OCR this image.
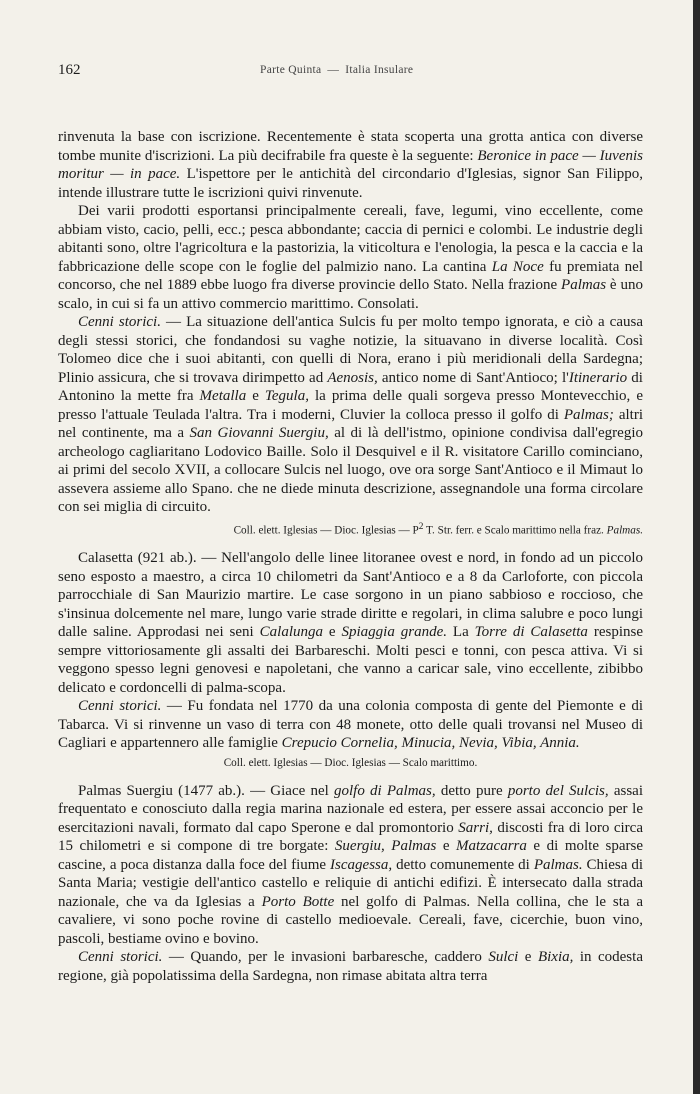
162	Parte Quinta — Italia Insulare

rinvenuta la base con iscrizione. Recentemente è stata scoperta una grotta antica con diverse tombe munite d'iscrizioni. La più decifrabile fra queste è la seguente: Beronice in pace — Iuvenis moritur — in pace. L'ispettore per le antichità del circondario d'Iglesias, signor San Filippo, intende illustrare tutte le iscrizioni quivi rinvenute.

Dei varii prodotti esportansi principalmente cereali, fave, legumi, vino eccellente, come abbiam visto, cacio, pelli, ecc.; pesca abbondante; caccia di pernici e colombi. Le industrie degli abitanti sono, oltre l'agricoltura e la pastorizia, la viticoltura e l'enologia, la pesca e la caccia e la fabbricazione delle scope con le foglie del palmizio nano. La cantina La Noce fu premiata nel concorso, che nel 1889 ebbe luogo fra diverse provincie dello Stato. Nella frazione Palmas è uno scalo, in cui si fa un attivo commercio marittimo. Consolati.

Cenni storici. — La situazione dell'antica Sulcis fu per molto tempo ignorata, e ciò a causa degli stessi storici, che fondandosi su vaghe notizie, la situavano in diverse località. Così Tolomeo dice che i suoi abitanti, con quelli di Nora, erano i più meridionali della Sardegna; Plinio assicura, che si trovava dirimpetto ad Aenosis, antico nome di Sant'Antioco; l'Itinerario di Antonino la mette fra Metalla e Tegula, la prima delle quali sorgeva presso Montevecchio, e presso l'attuale Teulada l'altra. Tra i moderni, Cluvier la colloca presso il golfo di Palmas; altri nel continente, ma a San Giovanni Suergiu, al di là dell'istmo, opinione condivisa dall'egregio archeologo cagliaritano Lodovico Baille. Solo il Desquivel e il R. visitatore Carillo cominciano, ai primi del secolo XVII, a collocare Sulcis nel luogo, ove ora sorge Sant'Antioco e il Mimaut lo assevera assieme allo Spano. che ne diede minuta descrizione, assegnandole una forma circolare con sei miglia di circuito.

Coll. elett. Iglesias — Dioc. Iglesias — $P^2$ T. Str. ferr. e Scalo marittimo nella fraz. Palmas.

Calasetta (921 ab.). — Nell'angolo delle linee litoranee ovest e nord, in fondo ad un piccolo seno esposto a maestro, a circa 10 chilometri da Sant'Antioco e a 8 da Carloforte, con piccola parrocchiale di San Maurizio martire. Le case sorgono in un piano sabbioso e roccioso, che s'insinua dolcemente nel mare, lungo varie strade diritte e regolari, in clima salubre e poco lungi dalle saline. Approdasi nei seni Calalunga e Spiaggia grande. La Torre di Calasetta respinse sempre vittoriosamente gli assalti dei Barbareschi. Molti pesci e tonni, con pesca attiva. Vi si veggono spesso legni genovesi e napoletani, che vanno a caricar sale, vino eccellente, zibibbo delicato e cordoncelli di palma-scopa.

Cenni storici. — Fu fondata nel 1770 da una colonia composta di gente del Piemonte e di Tabarca. Vi si rinvenne un vaso di terra con 48 monete, otto delle quali trovansi nel Museo di Cagliari e appartennero alle famiglie Crepucio Cornelia, Minucia, Nevia, Vibia, Annia.

Coll. elett. Iglesias — Dioc. Iglesias — Scalo marittimo.

Palmas Suergiu (1477 ab.). — Giace nel golfo di Palmas, detto pure porto del Sulcis, assai frequentato e conosciuto dalla regia marina nazionale ed estera, per essere assai acconcio per le esercitazioni navali, formato dal capo Sperone e dal promontorio Sarri, discosti fra di loro circa 15 chilometri e si compone di tre borgate: Suergiu, Palmas e Matzacarra e di molte sparse cascine, a poca distanza dalla foce del fiume Iscagessa, detto comunemente di Palmas. Chiesa di Santa Maria; vestigie dell'antico castello e reliquie di antichi edifizi. È intersecato dalla strada nazionale, che va da Iglesias a Porto Botte nel golfo di Palmas. Nella collina, che le sta a cavaliere, vi sono poche rovine di castello medioevale. Cereali, fave, cicerchie, buon vino, pascoli, bestiame ovino e bovino.

Cenni storici. — Quando, per le invasioni barbaresche, caddero Sulci e Bixia, in codesta regione, già popolatissima della Sardegna, non rimase abitata altra terra
